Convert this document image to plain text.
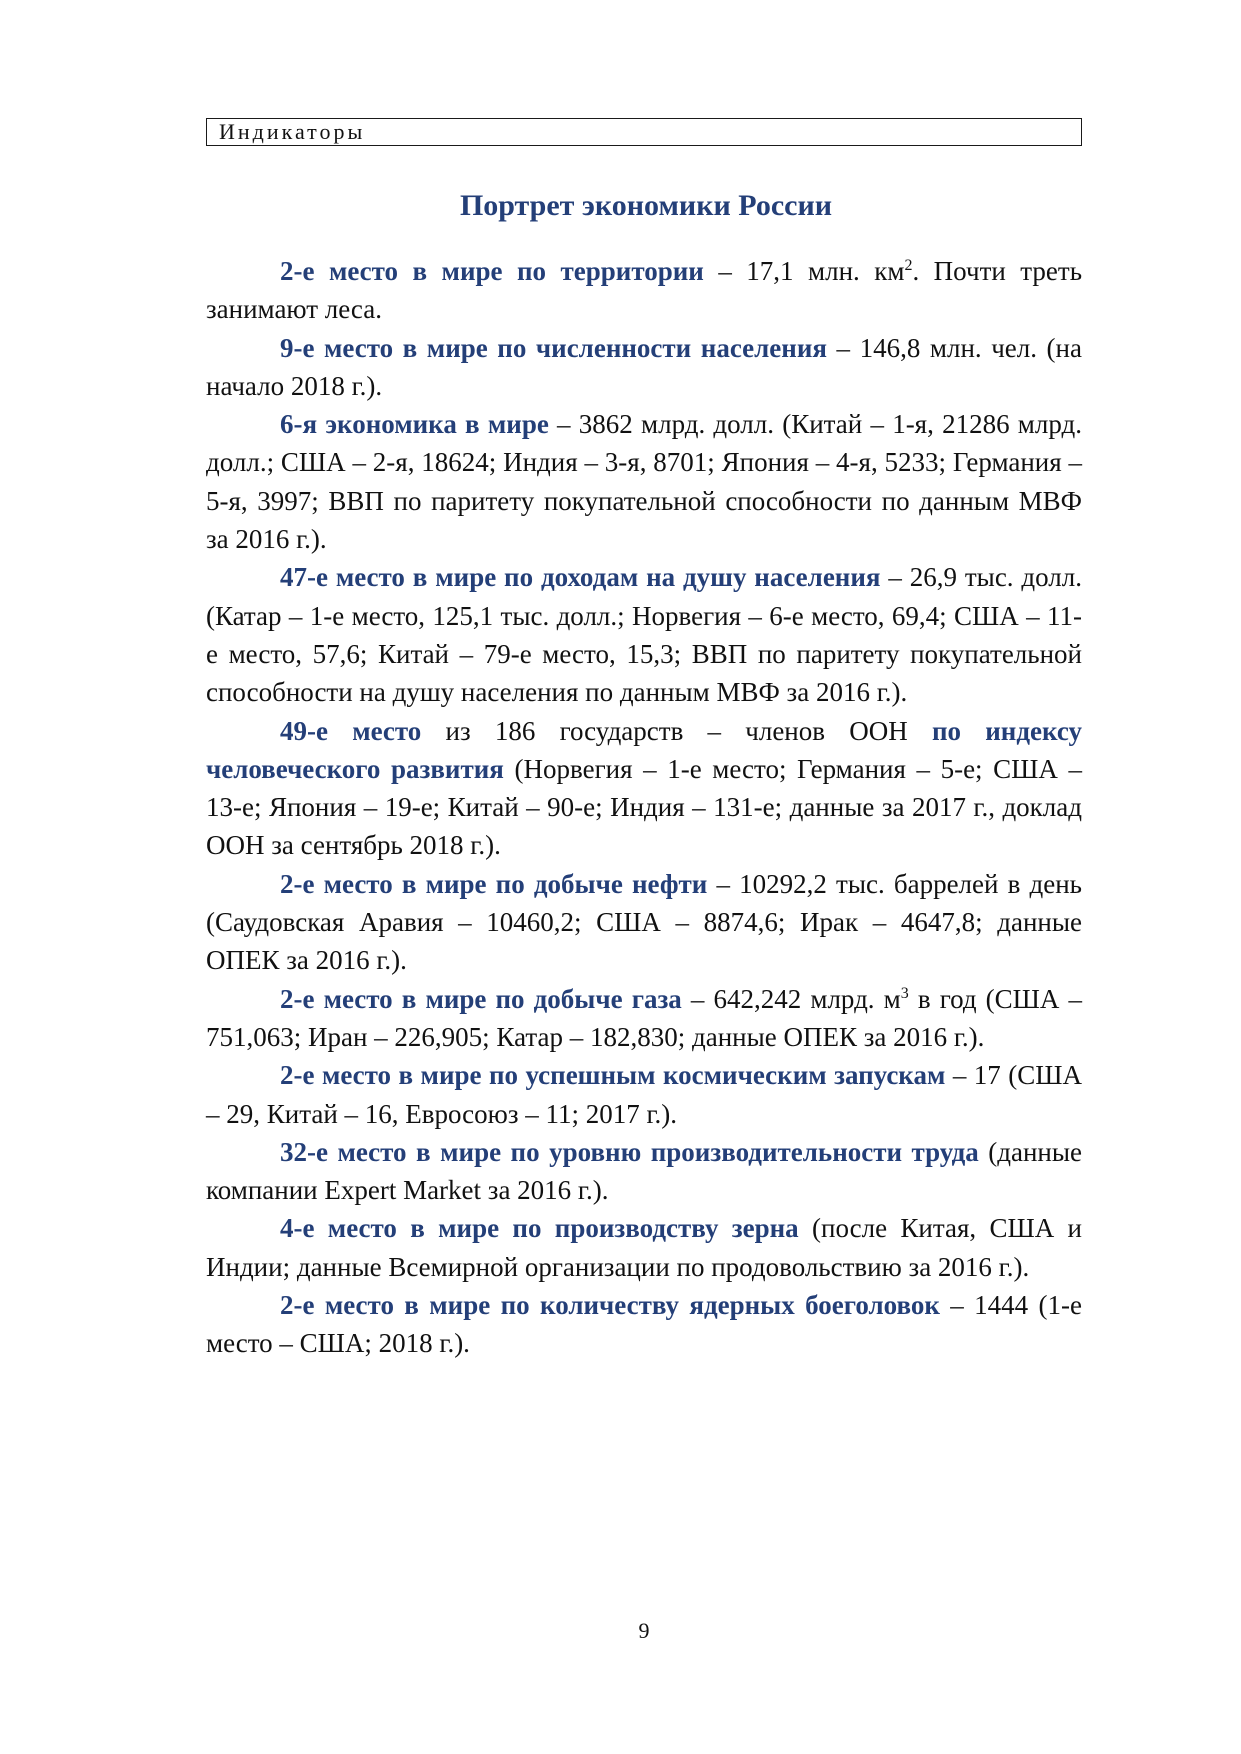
Индикаторы
Портрет экономики России

2-е место в мире по территории – 17,1 млн. $км^2$. Почти треть занимают леса.

9-е место в мире по численности населения – 146,8 млн. чел. (на начало 2018 г.).

6-я экономика в мире – 3862 млрд. долл. (Китай – 1-я, 21286 млрд. долл.; США – 2-я, 18624; Индия – 3-я, 8701; Япония – 4-я, 5233; Германия – 5-я, 3997; ВВП по паритету покупательной способности по данным МВФ за 2016 г.).

47-е место в мире по доходам на душу населения – 26,9 тыс. долл. (Катар – 1-е место, 125,1 тыс. долл.; Норвегия – 6-е место, 69,4; США – 11-е место, 57,6; Китай – 79-е место, 15,3; ВВП по паритету покупательной способности на душу населения по данным МВФ за 2016 г.).

49-е место из 186 государств – членов ООН по индексу человеческого развития (Норвегия – 1-е место; Германия – 5-е; США – 13-е; Япония – 19-е; Китай – 90-е; Индия – 131-е; данные за 2017 г., доклад ООН за сентябрь 2018 г.).

2-е место в мире по добыче нефти – 10292,2 тыс. баррелей в день (Саудовская Аравия – 10460,2; США – 8874,6; Ирак – 4647,8; данные ОПЕК за 2016 г.).

2-е место в мире по добыче газа – 642,242 млрд. $м^3$ в год (США – 751,063; Иран – 226,905; Катар – 182,830; данные ОПЕК за 2016 г.).

2-е место в мире по успешным космическим запускам – 17 (США – 29, Китай – 16, Евросоюз – 11; 2017 г.).

32-е место в мире по уровню производительности труда (данные компании Expert Market за 2016 г.).

4-е место в мире по производству зерна (после Китая, США и Индии; данные Всемирной организации по продовольствию за 2016 г.).

2-е место в мире по количеству ядерных боеголовок – 1444 (1-е место – США; 2018 г.).

9
